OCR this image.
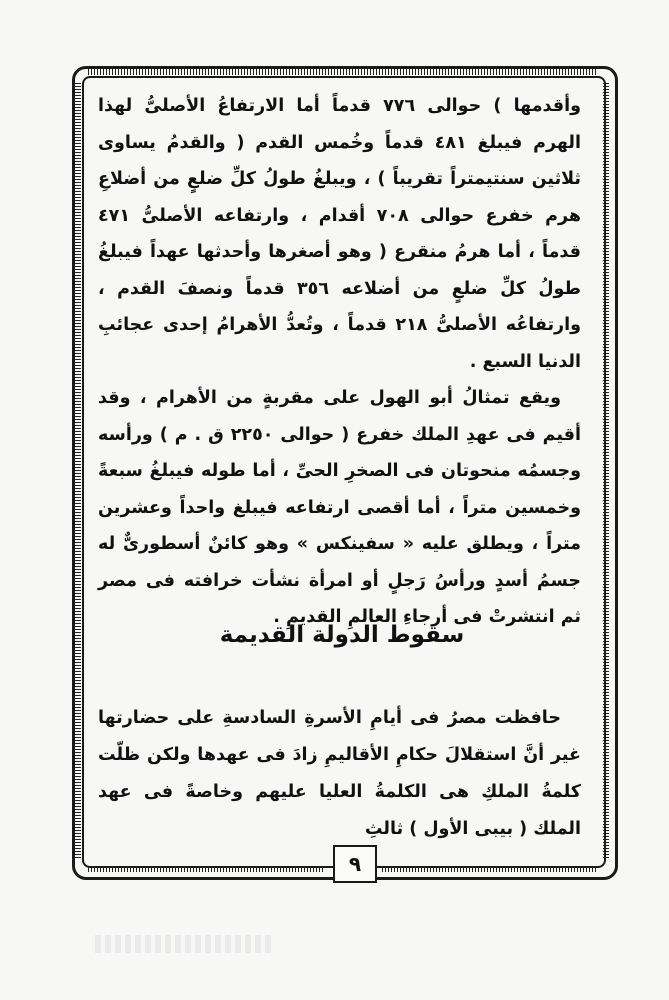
وأقدمها ) حوالى ٧٧٦ قدماً أما الارتفاعُ الأصلىُّ لهذا الهرم فيبلغ ٤٨١ قدماً وخُمس القدم ( والقدمُ يساوى ثلاثين سنتيمتراً تقريباً ) ، ويبلغُ طولُ كلِّ ضلعٍ من أضلاعِ هرم خفرع حوالى ٧٠٨ أقدام ، وارتفاعه الأصلىُّ ٤٧١ قدماً ، أما هرمُ منقرع ( وهو أصغرها وأحدثها عهداً فيبلغُ طولُ كلِّ ضلعٍ من أضلاعه ٣٥٦ قدماً ونصفَ القدم ، وارتفاعُه الأصلىُّ ٢١٨ قدماً ، وتُعدُّ الأهرامُ إحدى عجائبِ الدنيا السبع .

ويقع تمثالُ أبو الهول على مقربةٍ من الأهرام ، وقد أقيم فى عهدِ الملك خفرع ( حوالى ٢٢٥٠ ق . م ) ورأسه وجسمُه منحوتان فى الصخرِ الحىِّ ، أما طوله فيبلغُ سبعةً وخمسين متراً ، أما أقصى ارتفاعه فيبلغ واحداً وعشرين متراً ، ويطلق عليه « سفينكس » وهو كائنٌ أسطورىٌّ له جسمُ أسدٍ ورأسُ رَجلٍ أو امرأة نشأت خرافته فى مصر ثم انتشرتْ فى أرجاءِ العالمِ القديمِ .

سقوط الدولة القديمة

حافظت مصرُ فى أيامِ الأسرةِ السادسةِ على حضارتها غير أنَّ استقلالَ حكامِ الأقاليمِ زادَ فى عهدها ولكن ظلّت كلمةُ الملكِ هى الكلمةُ العليا عليهم وخاصةً فى عهد الملك ( بيبى الأول ) ثالثِ

٩
